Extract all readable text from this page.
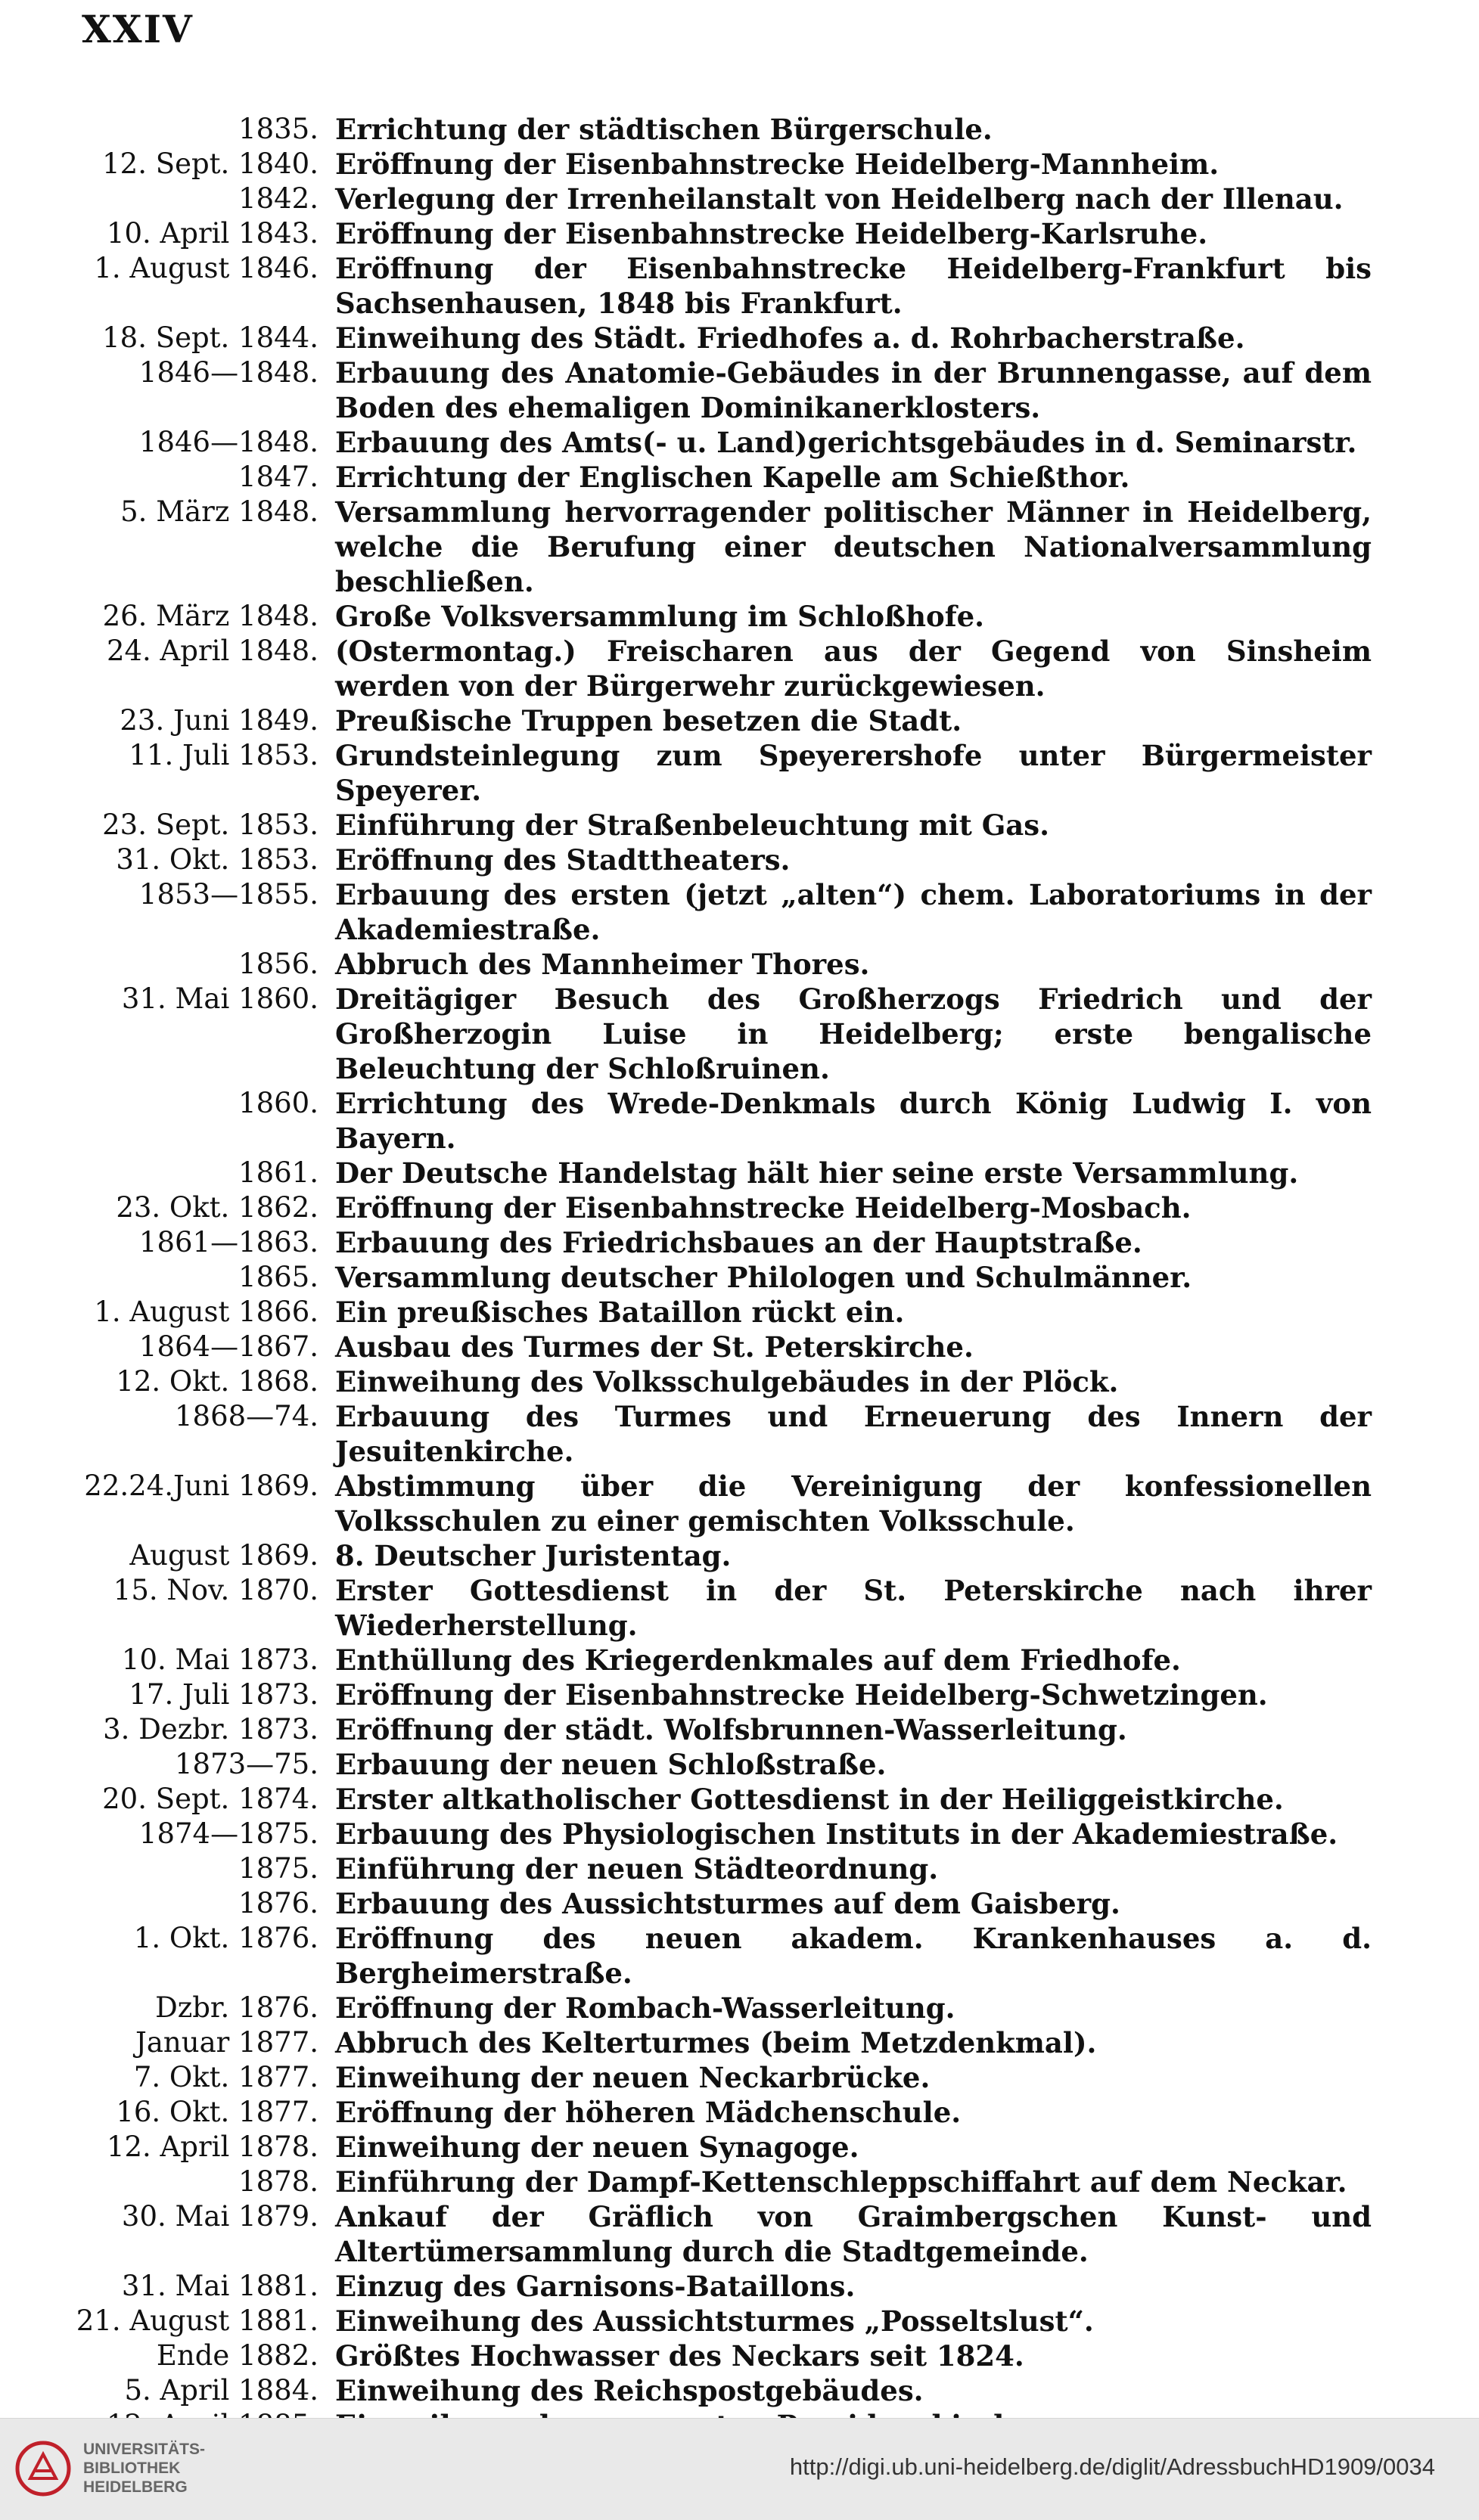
XXIV
1835. Errichtung der städtischen Bürgerschule.
12. Sept. 1840. Eröffnung der Eisenbahnstrecke Heidelberg-Mannheim.
1842. Verlegung der Irrenheilanstalt von Heidelberg nach der Illenau.
10. April 1843. Eröffnung der Eisenbahnstrecke Heidelberg-Karlsruhe.
1. August 1846. Eröffnung der Eisenbahnstrecke Heidelberg-Frankfurt bis Sachsenhausen, 1848 bis Frankfurt.
18. Sept. 1844. Einweihung des Städt. Friedhofes a. d. Rohrbacherstraße.
1846—1848. Erbauung des Anatomie-Gebäudes in der Brunnengasse, auf dem Boden des ehemaligen Dominikanerklosters.
1846—1848. Erbauung des Amts(- u. Land)gerichtsgebäudes in d. Seminarstr.
1847. Errichtung der Englischen Kapelle am Schießthor.
5. März 1848. Versammlung hervorragender politischer Männer in Heidelberg, welche die Berufung einer deutschen Nationalversammlung beschließen.
26. März 1848. Große Volksversammlung im Schloßhofe.
24. April 1848. (Ostermontag.) Freischaren aus der Gegend von Sinsheim werden von der Bürgerwehr zurückgewiesen.
23. Juni 1849. Preußische Truppen besetzen die Stadt.
11. Juli 1853. Grundsteinlegung zum Speyerershofe unter Bürgermeister Speyerer.
23. Sept. 1853. Einführung der Straßenbeleuchtung mit Gas.
31. Okt. 1853. Eröffnung des Stadttheaters.
1853—1855. Erbauung des ersten (jetzt „alten“) chem. Laboratoriums in der Akademiestraße.
1856. Abbruch des Mannheimer Thores.
31. Mai 1860. Dreitägiger Besuch des Großherzogs Friedrich und der Großherzogin Luise in Heidelberg; erste bengalische Beleuchtung der Schloßruinen.
1860. Errichtung des Wrede-Denkmals durch König Ludwig I. von Bayern.
1861. Der Deutsche Handelstag hält hier seine erste Versammlung.
23. Okt. 1862. Eröffnung der Eisenbahnstrecke Heidelberg-Mosbach.
1861—1863. Erbauung des Friedrichsbaues an der Hauptstraße.
1865. Versammlung deutscher Philologen und Schulmänner.
1. August 1866. Ein preußisches Bataillon rückt ein.
1864—1867. Ausbau des Turmes der St. Peterskirche.
12. Okt. 1868. Einweihung des Volksschulgebäudes in der Plöck.
1868—74. Erbauung des Turmes und Erneuerung des Innern der Jesuitenkirche.
22.24.Juni 1869. Abstimmung über die Vereinigung der konfessionellen Volksschulen zu einer gemischten Volksschule.
August 1869. 8. Deutscher Juristentag.
15. Nov. 1870. Erster Gottesdienst in der St. Peterskirche nach ihrer Wiederherstellung.
10. Mai 1873. Enthüllung des Kriegerdenkmales auf dem Friedhofe.
17. Juli 1873. Eröffnung der Eisenbahnstrecke Heidelberg-Schwetzingen.
3. Dezbr. 1873. Eröffnung der städt. Wolfsbrunnen-Wasserleitung.
1873—75. Erbauung der neuen Schloßstraße.
20. Sept. 1874. Erster altkatholischer Gottesdienst in der Heiliggeistkirche.
1874—1875. Erbauung des Physiologischen Instituts in der Akademiestraße.
1875. Einführung der neuen Städteordnung.
1876. Erbauung des Aussichtsturmes auf dem Gaisberg.
1. Okt. 1876. Eröffnung des neuen akadem. Krankenhauses a. d. Bergheimerstraße.
Dzbr. 1876. Eröffnung der Rombach-Wasserleitung.
Januar 1877. Abbruch des Kelterturmes (beim Metzdenkmal).
7. Okt. 1877. Einweihung der neuen Neckarbrücke.
16. Okt. 1877. Eröffnung der höheren Mädchenschule.
12. April 1878. Einweihung der neuen Synagoge.
1878. Einführung der Dampf-Kettenschleppschiffahrt auf dem Neckar.
30. Mai 1879. Ankauf der Gräflich von Graimbergschen Kunst- und Altertümersammlung durch die Stadtgemeinde.
31. Mai 1881. Einzug des Garnisons-Bataillons.
21. August 1881. Einweihung des Aussichtsturmes „Posseltslust“.
Ende 1882. Größtes Hochwasser des Neckars seit 1824.
5. April 1884. Einweihung des Reichspostgebäudes.
UNIVERSITÄTS-
BIBLIOTHEK
HEIDELBERG
http://digi.ub.uni-heidelberg.de/diglit/AdressbuchHD1909/0034
